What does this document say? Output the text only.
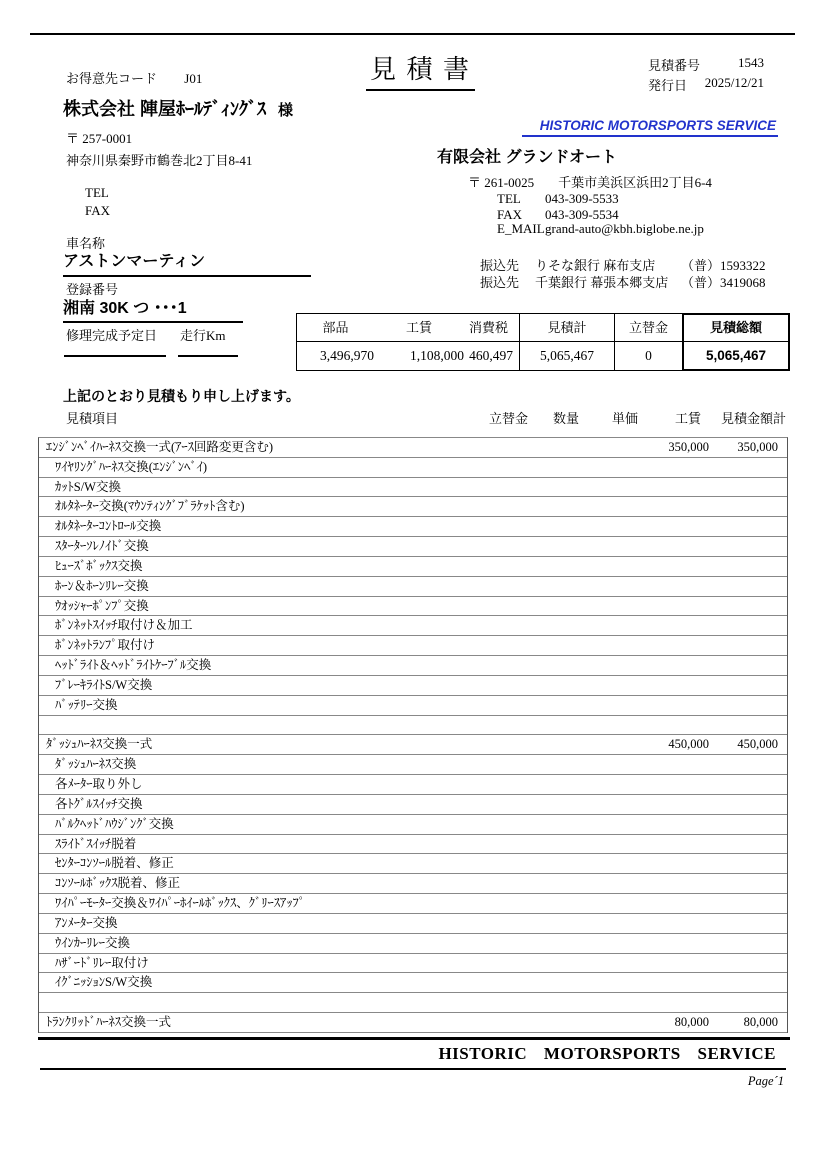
見 積 書	見積番号	1543
発行日 2025/12/21
お得意先コード J01
株式会社 陣屋ﾎｰﾙﾃﾞｨﾝｸﾞｽ 様
〒 257-0001
神奈川県秦野市鶴巻北2丁目8-41
TEL
FAX
車名称
アストンマーティン
登録番号
湘南 30K つ ･･･1
修理完成予定日 走行Km
HISTORIC MOTORSPORTS SERVICE
有限会社 グランドオート
〒 261-0025 千葉市美浜区浜田2丁目6-4
TEL	043-309-5533
FAX	043-309-5534
E_MAIL grand-auto@kbh.biglobe.ne.jp
振込先	りそな銀行 麻布支店	（普）1593322
振込先	千葉銀行 幕張本郷支店 （普）3419068
部品	工賃	消費税	見積計	立替金	見積総額
3,496,970	1,108,000 460,497	5,065,467	0	5,065,467
上記のとおり見積もり申し上げます。
見積項目	立替金 数量	単価	工賃 見積金額計
ｴﾝｼﾞﾝﾍﾞｲﾊｰﾈｽ交換一式(ｱｰｽ回路変更含む)	350,000	350,000
ﾜｲﾔﾘﾝｸﾞﾊｰﾈｽ交換(ｴﾝｼﾞﾝﾍﾞｲ)
ｶｯﾄS/W交換
ｵﾙﾀﾈｰﾀｰ交換(ﾏｳﾝﾃｨﾝｸﾞﾌﾞﾗｹｯﾄ含む)
ｵﾙﾀﾈｰﾀｰｺﾝﾄﾛｰﾙ交換
ｽﾀｰﾀｰｿﾚﾉｲﾄﾞ交換
ﾋｭｰｽﾞﾎﾞｯｸｽ交換
ﾎｰﾝ＆ﾎｰﾝﾘﾚｰ交換
ｳｵｯｼｬｰﾎﾟﾝﾌﾟ交換
ﾎﾞﾝﾈｯﾄｽｲｯﾁ取付け＆加工
ﾎﾞﾝﾈｯﾄﾗﾝﾌﾟ取付け
ﾍｯﾄﾞﾗｲﾄ＆ﾍｯﾄﾞﾗｲﾄｹｰﾌﾞﾙ交換
ﾌﾞﾚｰｷﾗｲﾄS/W交換
ﾊﾞｯﾃﾘｰ交換
ﾀﾞｯｼｭﾊｰﾈｽ交換一式	450,000	450,000
ﾀﾞｯｼｭﾊｰﾈｽ交換
各ﾒｰﾀｰ取り外し
各ﾄｸﾞﾙｽｲｯﾁ交換
ﾊﾞﾙｸﾍｯﾄﾞﾊｳｼﾞﾝｸﾞ交換
ｽﾗｲﾄﾞｽｲｯﾁ脱着
ｾﾝﾀｰｺﾝｿｰﾙ脱着、修正
ｺﾝｿｰﾙﾎﾞｯｸｽ脱着、修正
ﾜｲﾊﾟｰﾓｰﾀｰ交換＆ﾜｲﾊﾟｰﾎｲｰﾙﾎﾞｯｸｽ、ｸﾞﾘｰｽｱｯﾌﾟ
ｱﾝﾒｰﾀｰ交換
ｳｲﾝｶｰﾘﾚｰ交換
ﾊｻﾞｰﾄﾞﾘﾚｰ取付け
ｲｸﾞﾆｯｼｮﾝS/W交換
ﾄﾗﾝｸﾘｯﾄﾞﾊｰﾈｽ交換一式	80,000	80,000
HISTORIC MOTORSPORTS SERVICE
Page´1
